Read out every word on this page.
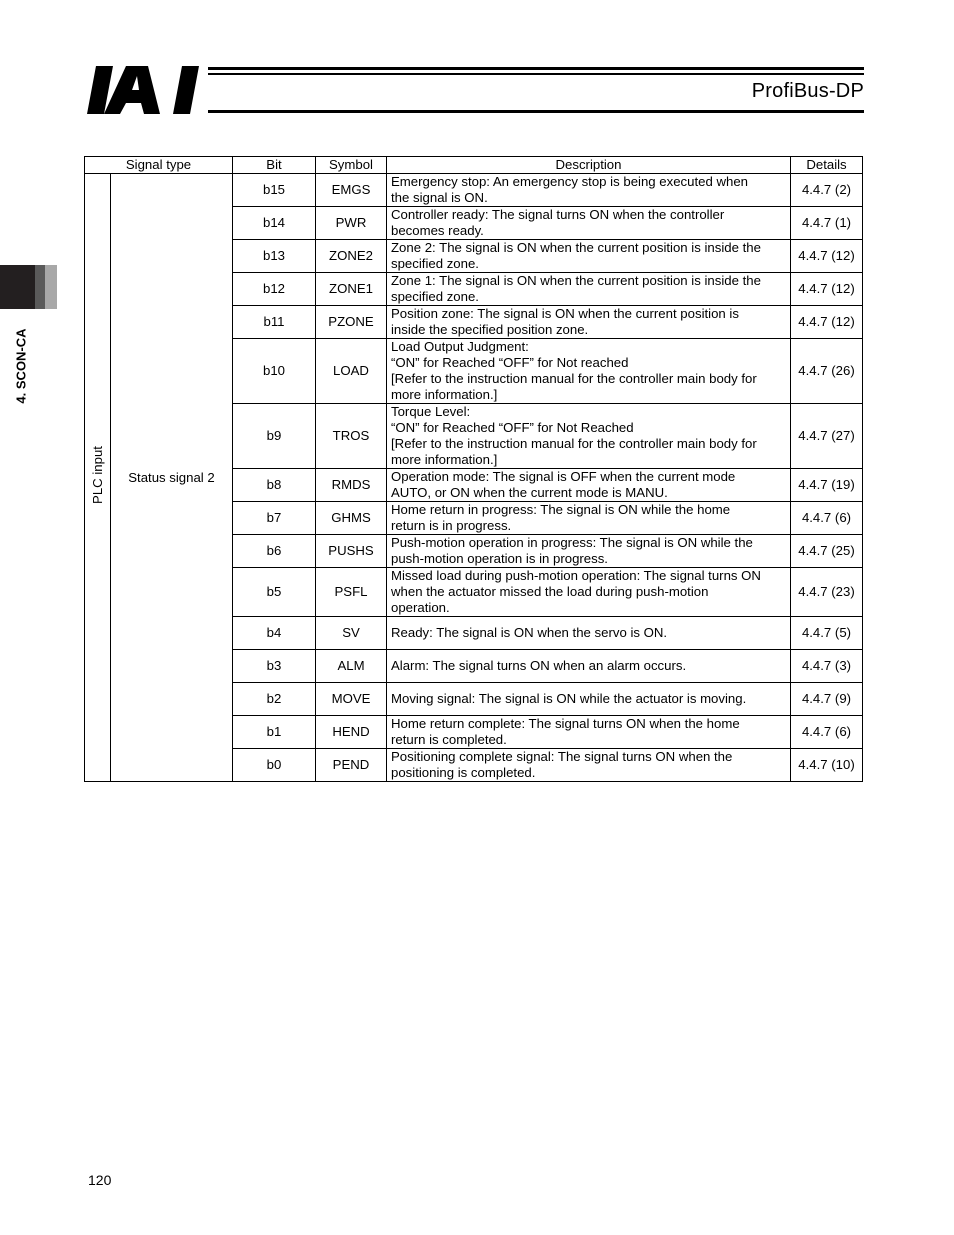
ProfiBus-DP
4. SCON-CA
Signal type		Bit	Symbol	Description	Details

PLC input	Status signal 2	b15	EMGS	Emergency stop: An emergency stop is being executed when
the signal is ON.	4.4.7 (2)
		b14	PWR	Controller ready: The signal turns ON when the controller
becomes ready.	4.4.7 (1)
		b13	ZONE2	Zone 2: The signal is ON when the current position is inside the
specified zone.	4.4.7 (12)
		b12	ZONE1	Zone 1: The signal is ON when the current position is inside the
specified zone.	4.4.7 (12)
		b11	PZONE	Position zone: The signal is ON when the current position is
inside the specified position zone.	4.4.7 (12)
		b10	LOAD	Load Output Judgment:
“ON” for Reached “OFF” for Not reached
[Refer to the instruction manual for the controller main body for
more information.]	4.4.7 (26)
		b9	TROS	Torque Level:
“ON” for Reached “OFF” for Not Reached
[Refer to the instruction manual for the controller main body for
more information.]	4.4.7 (27)
		b8	RMDS	Operation mode: The signal is OFF when the current mode
AUTO, or ON when the current mode is MANU.	4.4.7 (19)
		b7	GHMS	Home return in progress: The signal is ON while the home
return is in progress.	4.4.7 (6)
		b6	PUSHS	Push-motion operation in progress: The signal is ON while the
push-motion operation is in progress.	4.4.7 (25)
		b5	PSFL	Missed load during push-motion operation: The signal turns ON
when the actuator missed the load during push-motion
operation.	4.4.7 (23)
		b4	SV	Ready: The signal is ON when the servo is ON.	4.4.7 (5)
		b3	ALM	Alarm: The signal turns ON when an alarm occurs.	4.4.7 (3)
		b2	MOVE	Moving signal: The signal is ON while the actuator is moving.	4.4.7 (9)
		b1	HEND	Home return complete: The signal turns ON when the home
return is completed.	4.4.7 (6)
		b0	PEND	Positioning complete signal: The signal turns ON when the
positioning is completed.	4.4.7 (10)
120
